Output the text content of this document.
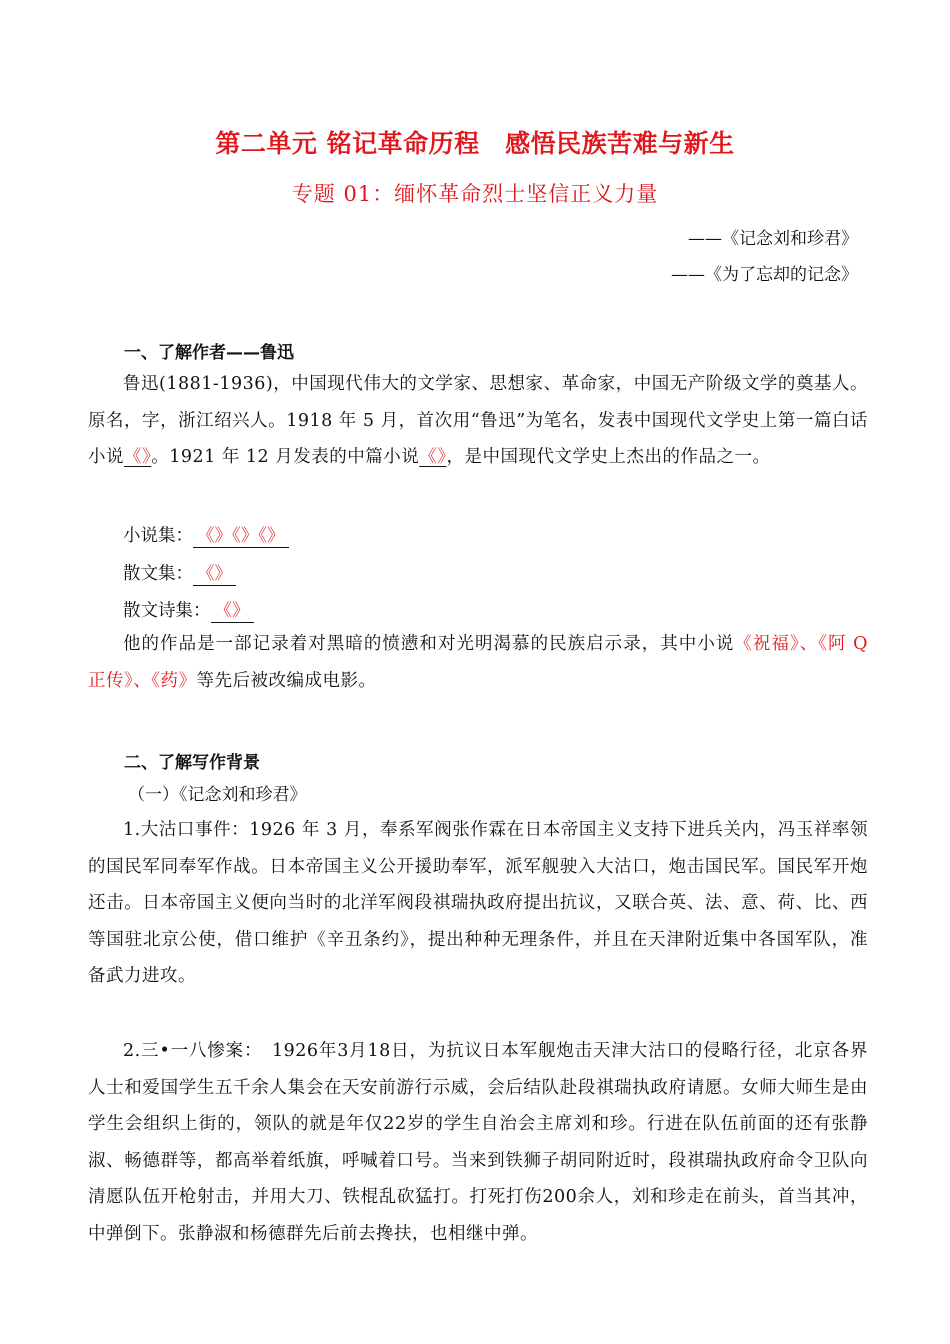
第二单元 铭记革命历程　感悟民族苦难与新生
专题 01：缅怀革命烈士坚信正义力量
——《记念刘和珍君》
——《为了忘却的记念》
一、了解作者——鲁迅
鲁迅(1881-1936)，中国现代伟大的文学家、思想家、革命家，中国无产阶级文学的奠基人。原名，字，浙江绍兴人。1918 年 5 月，首次用“鲁迅”为笔名，发表中国现代文学史上第一篇白话小说《》。1921 年 12 月发表的中篇小说《》，是中国现代文学史上杰出的作品之一。
小说集： 《》《》《》
散文集： 《》
散文诗集： 《》
他的作品是一部记录着对黑暗的愤懑和对光明渴慕的民族启示录，其中小说《祝福》、《阿 Q 正传》、《药》等先后被改编成电影。
二、了解写作背景
（一）《记念刘和珍君》
1.大沽口事件：1926 年 3 月，奉系军阀张作霖在日本帝国主义支持下进兵关内，冯玉祥率领的国民军同奉军作战。日本帝国主义公开援助奉军，派军舰驶入大沽口，炮击国民军。国民军开炮还击。日本帝国主义便向当时的北洋军阀段祺瑞执政府提出抗议，又联合英、法、意、荷、比、西等国驻北京公使，借口维护《辛丑条约》，提出种种无理条件，并且在天津附近集中各国军队，准备武力进攻。
2.三•一八惨案：　1926年3月18日，为抗议日本军舰炮击天津大沽口的侵略行径，北京各界人士和爱国学生五千余人集会在天安前游行示威，会后结队赴段祺瑞执政府请愿。女师大师生是由学生会组织上街的，领队的就是年仅22岁的学生自治会主席刘和珍。行进在队伍前面的还有张静淑、畅德群等，都高举着纸旗，呼喊着口号。当来到铁狮子胡同附近时，段祺瑞执政府命令卫队向清愿队伍开枪射击，并用大刀、铁棍乱砍猛打。打死打伤200余人，刘和珍走在前头，首当其冲，中弹倒下。张静淑和杨德群先后前去搀扶，也相继中弹。
